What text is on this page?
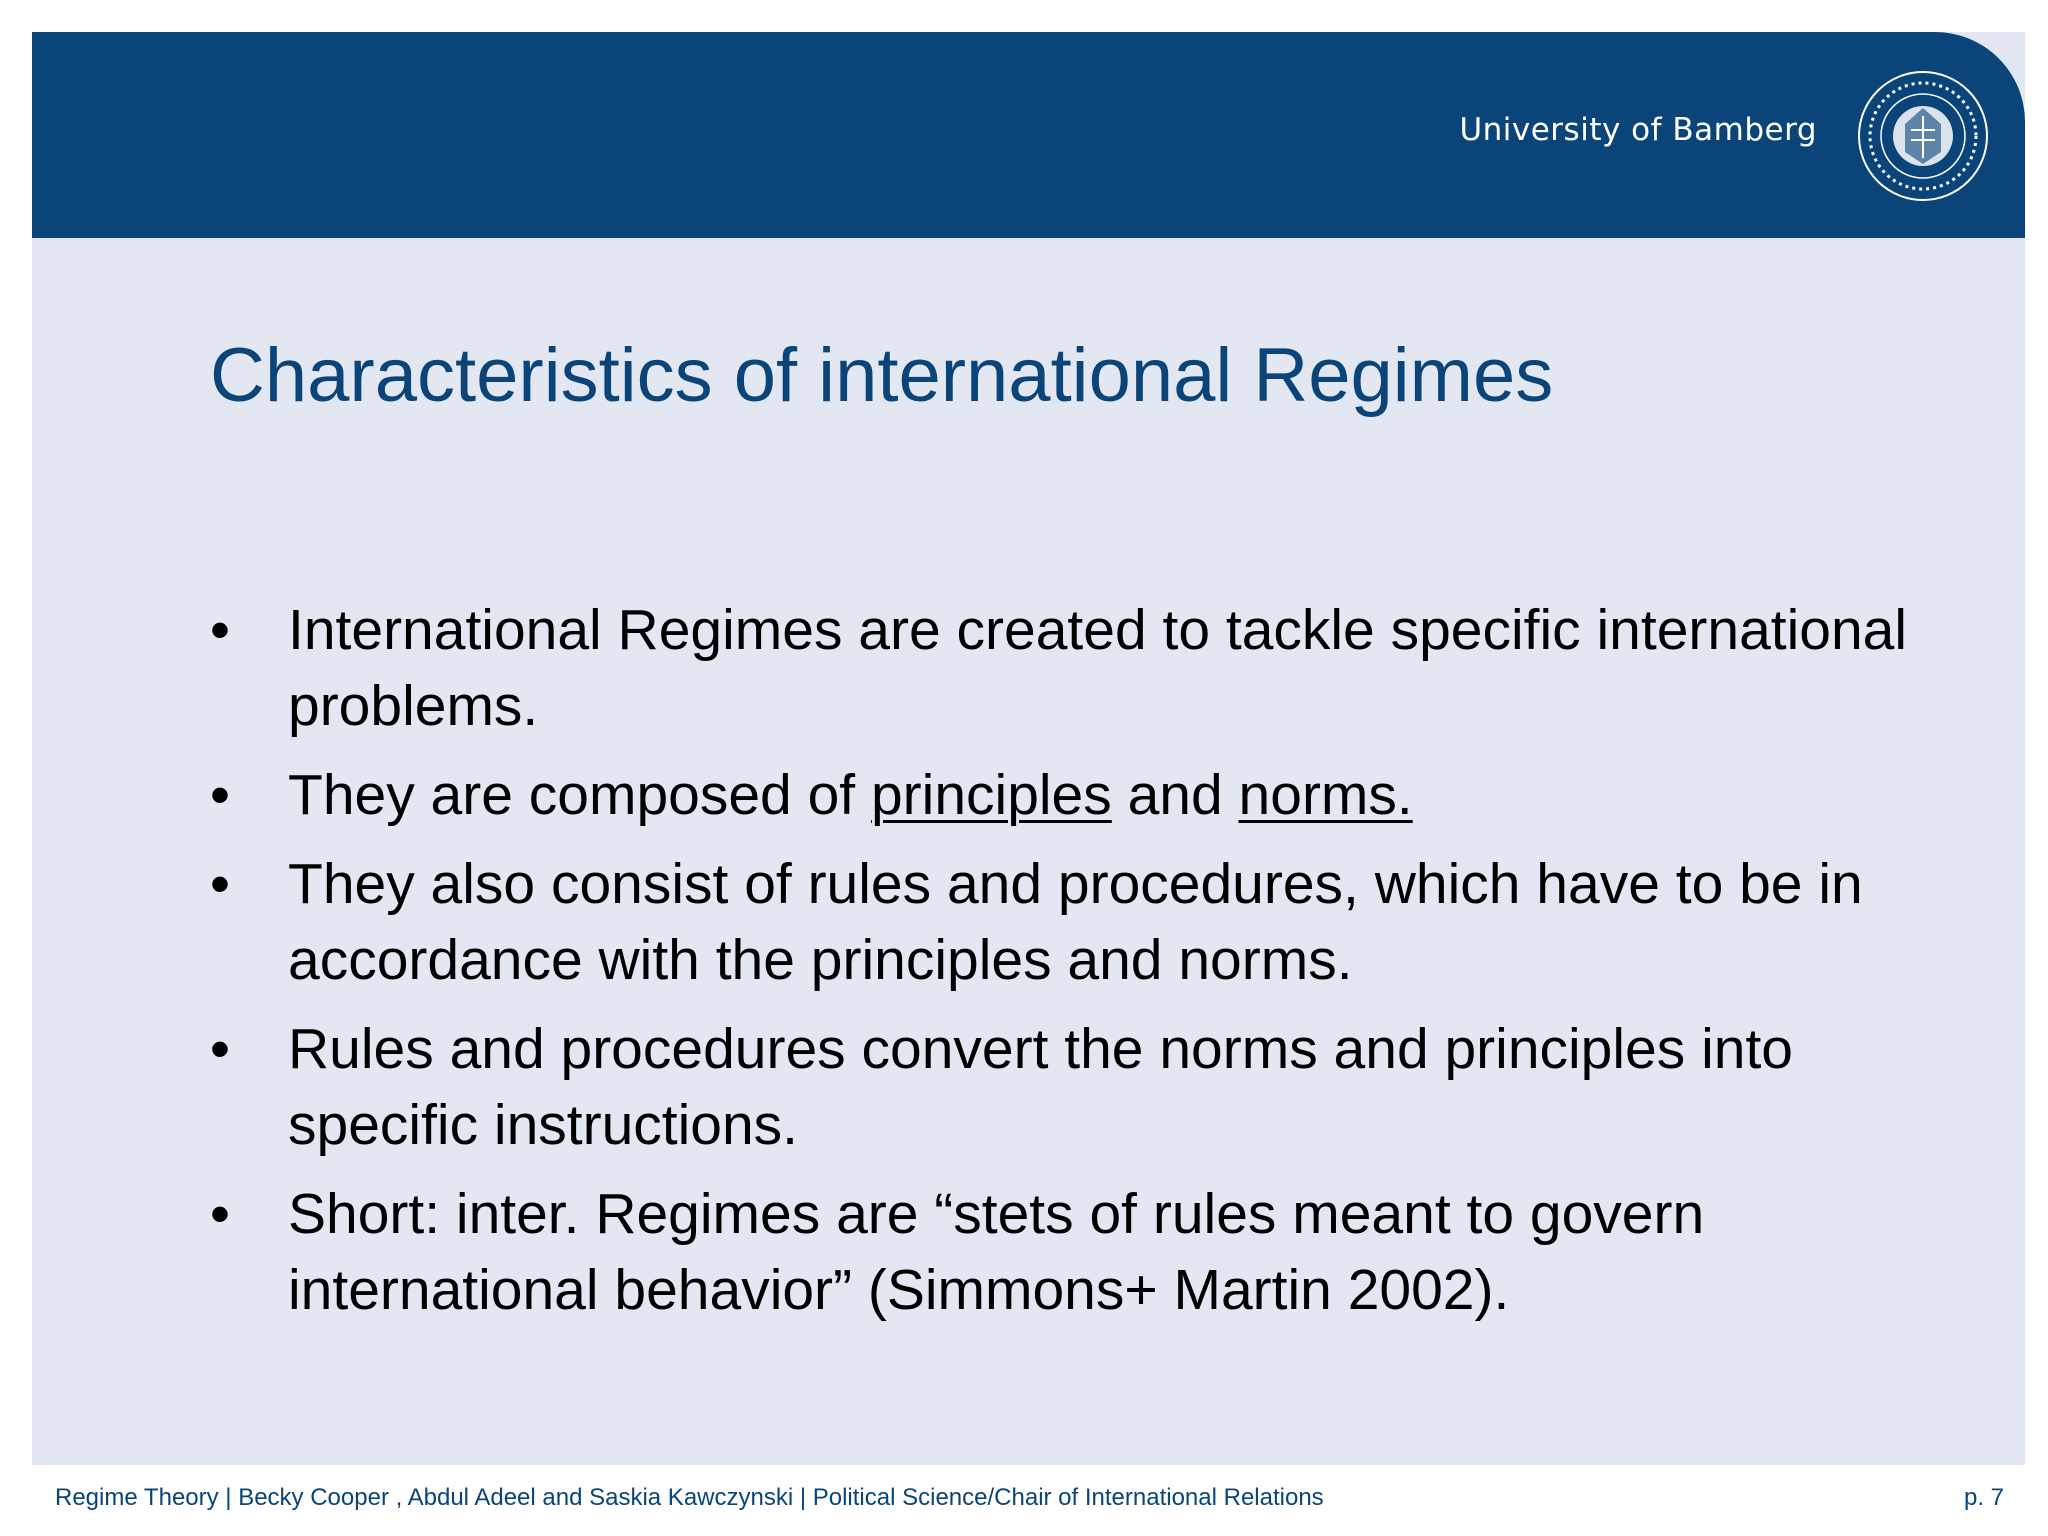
University of Bamberg
Characteristics of international Regimes
•	International Regimes are created to tackle specific international problems.
•	They are composed of principles and norms.
•	They also consist of rules and procedures, which have to be in accordance with the principles and norms.
•	Rules and procedures convert the norms and principles into specific instructions.
•	Short: inter. Regimes are “stets of rules meant to govern international behavior” (Simmons+ Martin 2002).
Regime Theory | Becky Cooper , Abdul Adeel and Saskia Kawczynski | Political Science/Chair of International Relations	p. 7
